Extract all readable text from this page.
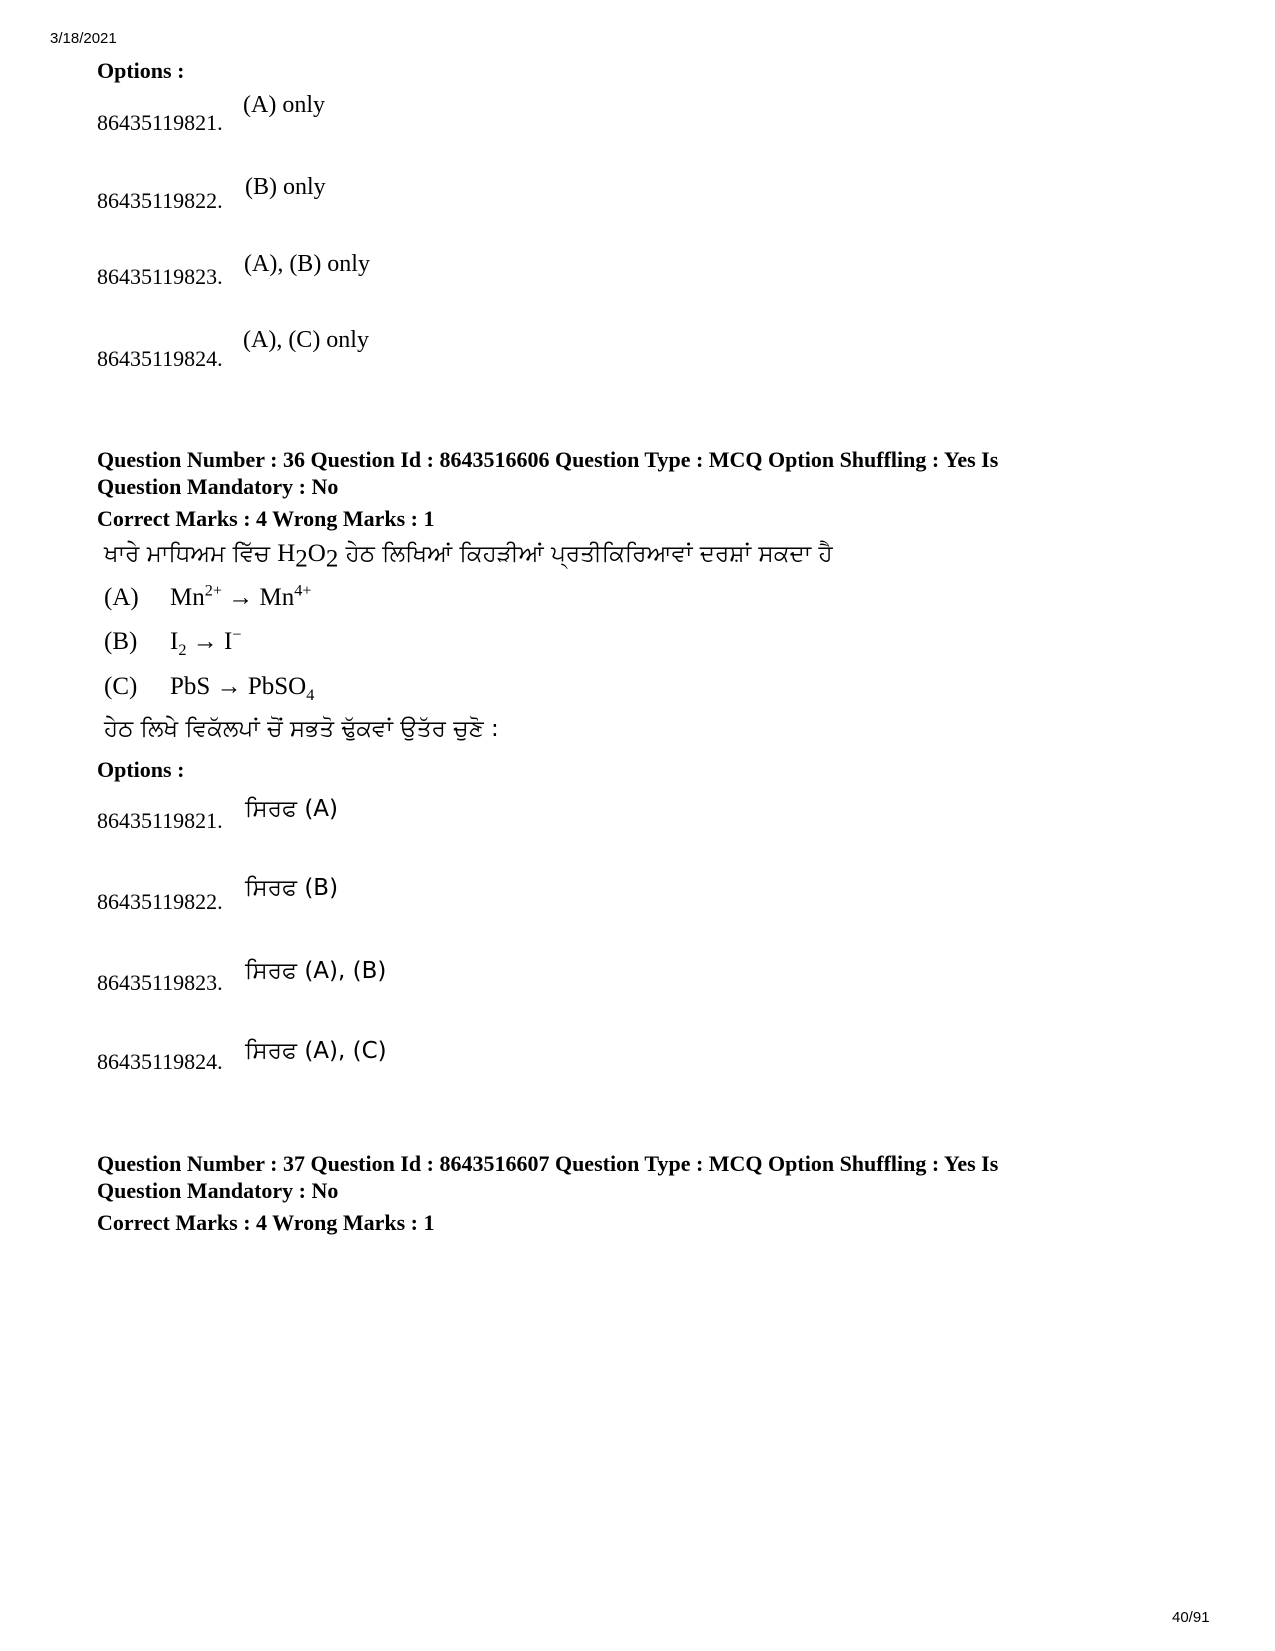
3/18/2021
Options :
86435119821.
(A) only
86435119822.
(B) only
86435119823. (A), (B) only
86435119824.
(A), (C) only
Question Number : 36 Question Id : 8643516606 Question Type : MCQ Option Shuffling : Yes Is
Question Mandatory : No
Correct Marks : 4 Wrong Marks : 1
ਖਾਰੇ ਮਾਧਿਅਮ ਵਿੱਚ $H_2O_2$ ਹੇਠ ਲਿਖਿਆਂ ਕਿਹੜੀਆਂ ਪ੍ਰਤੀਕਿਰਿਆਵਾਂ ਦਰਸ਼ਾਂ ਸਕਦਾ ਹੈ
(A) $Mn^{2+} \to Mn^{4+}$
(B) $I_2 \to I^-$
(C) PbS → PbSO$_4$
ਹੇਠ ਲਿਖੇ ਵਿਕੱਲਪਾਂ ਚੋਂ ਸਭਤੋ ਢੁੱਕਵਾਂ ਉਤੱਰ ਚੁਣੋ :
Options :
86435119821. ਸਿਰਫ (A)
86435119822.
ਸਿਰਫ (B)
86435119823. ਸਿਰਫ (A), (B)
86435119824. ਸਿਰਫ (A), (C)
Question Number : 37 Question Id : 8643516607 Question Type : MCQ Option Shuffling : Yes Is
Question Mandatory : No
Correct Marks : 4 Wrong Marks : 1
40/91
